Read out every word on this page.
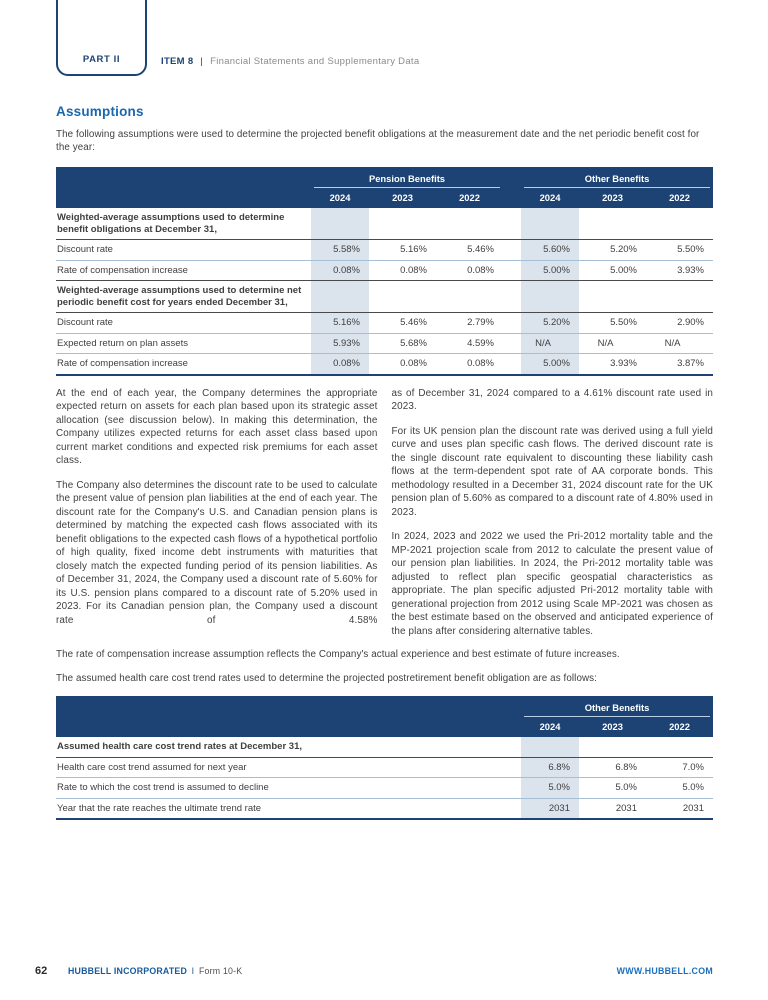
PART II	ITEM 8 | Financial Statements and Supplementary Data
Assumptions

The following assumptions were used to determine the projected benefit obligations at the measurement date and the net periodic benefit cost for the year:

Pension Benefits	Other Benefits
2024	2023	2022	2024	2023	2022
Weighted-average assumptions used to determine benefit obligations at December 31,
Discount rate	5.58%	5.16%	5.46%	5.60%	5.20%	5.50%
Rate of compensation increase	0.08%	0.08%	0.08%	5.00%	5.00%	3.93%
Weighted-average assumptions used to determine net periodic benefit cost for years ended December 31,
Discount rate	5.16%	5.46%	2.79%	5.20%	5.50%	2.90%
Expected return on plan assets	5.93%	5.68%	4.59%	N/A	N/A	N/A
Rate of compensation increase	0.08%	0.08%	0.08%	5.00%	3.93%	3.87%

At the end of each year, the Company determines the appropriate expected return on assets for each plan based upon its strategic asset allocation (see discussion below). In making this determination, the Company utilizes expected returns for each asset class based upon current market conditions and expected risk premiums for each asset class.

The Company also determines the discount rate to be used to calculate the present value of pension plan liabilities at the end of each year. The discount rate for the Company's U.S. and Canadian pension plans is determined by matching the expected cash flows associated with its benefit obligations to the expected cash flows of a hypothetical portfolio of high quality, fixed income debt instruments with maturities that closely match the expected funding period of its pension liabilities. As of December 31, 2024, the Company used a discount rate of 5.60% for its U.S. pension plans compared to a discount rate of 5.20% used in 2023. For its Canadian pension plan, the Company used a discount rate of 4.58%

as of December 31, 2024 compared to a 4.61% discount rate used in 2023.

For its UK pension plan the discount rate was derived using a full yield curve and uses plan specific cash flows. The derived discount rate is the single discount rate equivalent to discounting these liability cash flows at the term-dependent spot rate of AA corporate bonds. This methodology resulted in a December 31, 2024 discount rate for the UK pension plan of 5.60% as compared to a discount rate of 4.80% used in 2023.

In 2024, 2023 and 2022 we used the Pri-2012 mortality table and the MP-2021 projection scale from 2012 to calculate the present value of our pension plan liabilities. In 2024, the Pri-2012 mortality table was adjusted to reflect plan specific geospatial characteristics as appropriate. The plan specific adjusted Pri-2012 mortality table with generational projection from 2012 using Scale MP-2021 was chosen as the best estimate based on the observed and anticipated experience of the plans after considering alternative tables.

The rate of compensation increase assumption reflects the Company's actual experience and best estimate of future increases.

The assumed health care cost trend rates used to determine the projected postretirement benefit obligation are as follows:

Other Benefits
2024	2023	2022
Assumed health care cost trend rates at December 31,
Health care cost trend assumed for next year	6.8%	6.8%	7.0%
Rate to which the cost trend is assumed to decline	5.0%	5.0%	5.0%
Year that the rate reaches the ultimate trend rate	2031	2031	2031
62 HUBBELL INCORPORATED I Form 10-K	WWW.HUBBELL.COM
